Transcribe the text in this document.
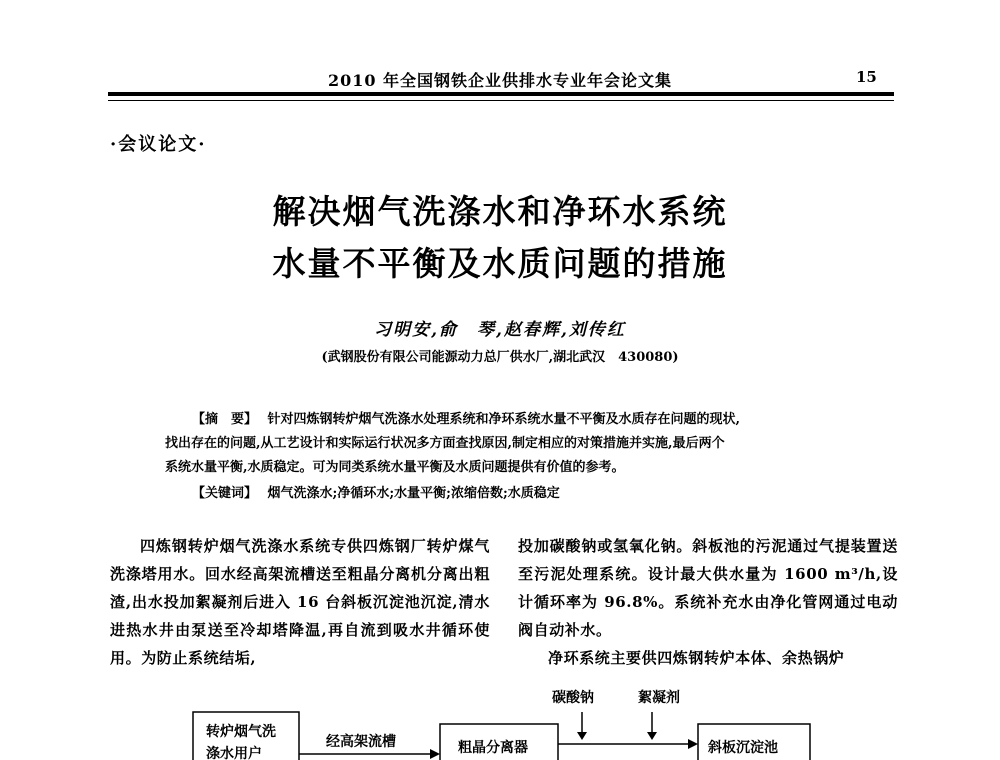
2010 年全国钢铁企业供排水专业年会论文集	15
·会议论文·
解决烟气洗涤水和净环水系统
水量不平衡及水质问题的措施
习明安,俞　琴,赵春辉,刘传红
(武钢股份有限公司能源动力总厂供水厂,湖北武汉　430080)
【摘　要】 针对四炼钢转炉烟气洗涤水处理系统和净环系统水量不平衡及水质存在问题的现状,
找出存在的问题,从工艺设计和实际运行状况多方面查找原因,制定相应的对策措施并实施,最后两个
系统水量平衡,水质稳定。可为同类系统水量平衡及水质问题提供有价值的参考。
【关键词】 烟气洗涤水;净循环水;水量平衡;浓缩倍数;水质稳定

四炼钢转炉烟气洗涤水系统专供四炼钢厂转炉煤气洗涤塔用水。回水经高架流槽送至粗晶分离机分离出粗渣,出水投加絮凝剂后进入 16 台斜板沉淀池沉淀,清水进热水井由泵送至冷却塔降温,再自流到吸水井循环使用。为防止系统结垢,

投加碳酸钠或氢氧化钠。斜板池的污泥通过气提装置送至污泥处理系统。设计最大供水量为 1600 m³/h,设计循环率为 96.8%。系统补充水由净化管网通过电动阀自动补水。

净环系统主要供四炼钢转炉本体、余热锅炉

碳酸钠	絮凝剂
转炉烟气洗
涤水用户
经高架流槽	粗晶分离器	斜板沉淀池
